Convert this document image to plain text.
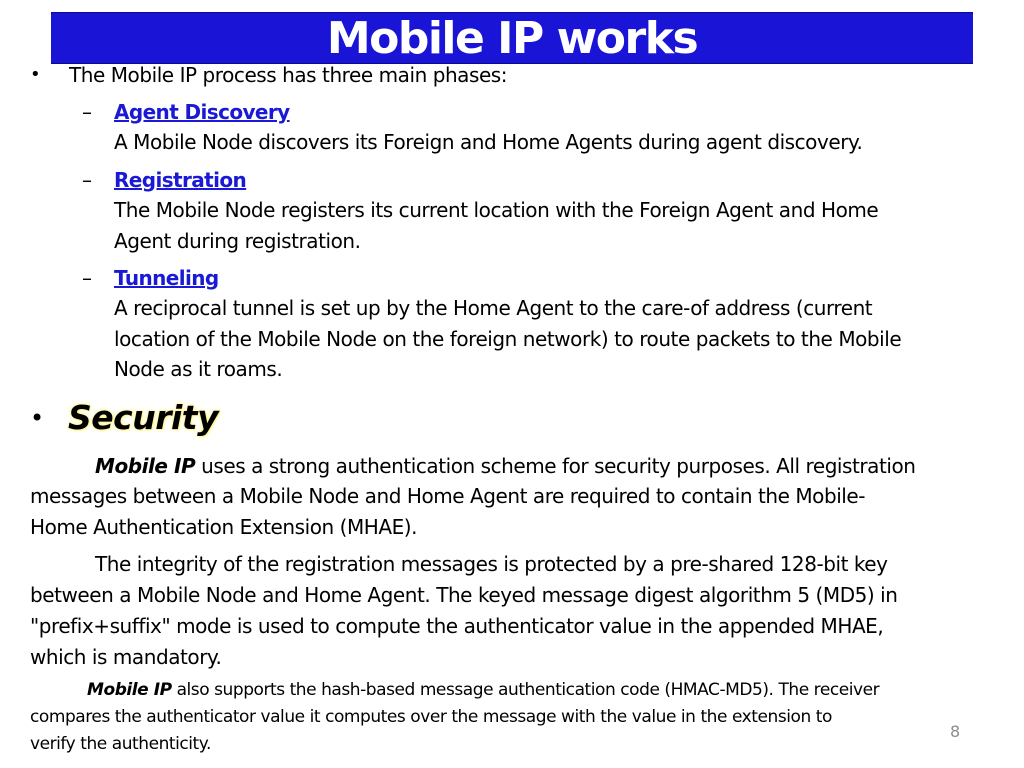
Mobile IP works
• The Mobile IP process has three main phases:
– Agent Discovery
A Mobile Node discovers its Foreign and Home Agents during agent discovery.
– Registration
The Mobile Node registers its current location with the Foreign Agent and Home
Agent during registration.
– Tunneling
A reciprocal tunnel is set up by the Home Agent to the care-of address (current
location of the Mobile Node on the foreign network) to route packets to the Mobile
Node as it roams.
• Security
Mobile IP uses a strong authentication scheme for security purposes. All registration
messages between a Mobile Node and Home Agent are required to contain the Mobile-
Home Authentication Extension (MHAE).
The integrity of the registration messages is protected by a pre-shared 128-bit key
between a Mobile Node and Home Agent. The keyed message digest algorithm 5 (MD5) in
"prefix+suffix" mode is used to compute the authenticator value in the appended MHAE,
which is mandatory.
Mobile IP also supports the hash-based message authentication code (HMAC-MD5). The receiver
compares the authenticator value it computes over the message with the value in the extension to
verify the authenticity.
8
